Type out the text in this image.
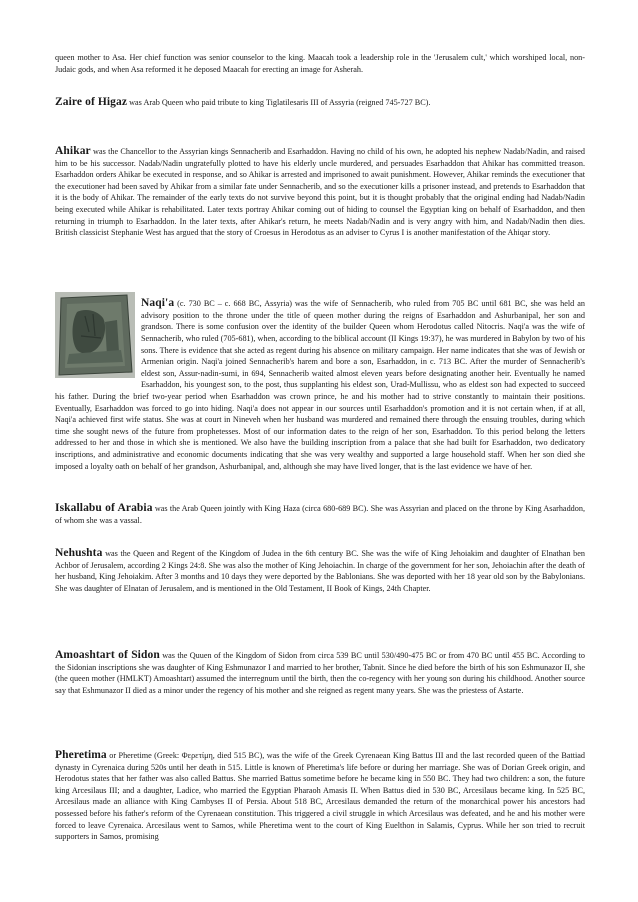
queen mother to Asa. Her chief function was senior counselor to the king. Maacah took a leadership role in the 'Jerusalem cult,' which worshiped local, non-Judaic gods, and when Asa reformed it he deposed Maacah for erecting an image for Asherah.

Zaire of Higaz was Arab Queen who paid tribute to king Tiglatilesaris III of Assyria (reigned 745-727 BC).

Ahikar was the Chancellor to the Assyrian kings Sennacherib and Esarhaddon. Having no child of his own, he adopted his nephew Nadab/Nadin, and raised him to be his successor. Nadab/Nadin ungratefully plotted to have his elderly uncle murdered, and persuades Esarhaddon that Ahikar has committed treason. Esarhaddon orders Ahikar be executed in response, and so Ahikar is arrested and imprisoned to await punishment. However, Ahikar reminds the executioner that the executioner had been saved by Ahikar from a similar fate under Sennacherib, and so the executioner kills a prisoner instead, and pretends to Esarhaddon that it is the body of Ahikar. The remainder of the early texts do not survive beyond this point, but it is thought probably that the original ending had Nadab/Nadin being executed while Ahikar is rehabilitated. Later texts portray Ahikar coming out of hiding to counsel the Egyptian king on behalf of Esarhaddon, and then returning in triumph to Esarhaddon. In the later texts, after Ahikar's return, he meets Nadab/Nadin and is very angry with him, and Nadab/Nadin then dies. British classicist Stephanie West has argued that the story of Croesus in Herodotus as an adviser to Cyrus I is another manifestation of the Ahiqar story.

Naqi'a (c. 730 BC – c. 668 BC, Assyria) was the wife of Sennacherib, who ruled from 705 BC until 681 BC, she was held an advisory position to the throne under the title of queen mother during the reigns of Esarhaddon and Ashurbanipal, her son and grandson. There is some confusion over the identity of the builder Queen whom Herodotus called Nitocris. Naqi'a was the wife of Sennacherib, who ruled (705-681), when, according to the biblical account (II Kings 19:37), he was murdered in Babylon by two of his sons. There is evidence that she acted as regent during his absence on military campaign. Her name indicates that she was of Jewish or Armenian origin. Naqi'a joined Sennacherib's harem and bore a son, Esarhaddon, in c. 713 BC. After the murder of Sennacherib's eldest son, Assur-nadin-sumi, in 694, Sennacherib waited almost eleven years before designating another heir. Eventually he named Esarhaddon, his youngest son, to the post, thus supplanting his eldest son, Urad-Mullissu, who as eldest son had expected to succeed his father. During the brief two-year period when Esarhaddon was crown prince, he and his mother had to strive constantly to maintain their positions. Eventually, Esarhaddon was forced to go into hiding. Naqi'a does not appear in our sources until Esarhaddon's promotion and it is not certain when, if at all, Naqi'a achieved first wife status. She was at court in Nineveh when her husband was murdered and remained there through the ensuing troubles, during which time she sought news of the future from prophetesses. Most of our information dates to the reign of her son, Esarhaddon. To this period belong the letters addressed to her and those in which she is mentioned. We also have the building inscription from a palace that she had built for Esarhaddon, two dedicatory inscriptions, and administrative and economic documents indicating that she was very wealthy and supported a large household staff. When her son died she imposed a loyalty oath on behalf of her grandson, Ashurbanipal, and, although she may have lived longer, that is the last evidence we have of her.

Iskallabu of Arabia was the Arab Queen jointly with King Haza (circa 680-689 BC). She was Assyrian and placed on the throne by King Asarhaddon, of whom she was a vassal.

Nehushta was the Queen and Regent of the Kingdom of Judea in the 6th century BC. She was the wife of King Jehoiakim and daughter of Elnathan ben Achbor of Jerusalem, according 2 Kings 24:8. She was also the mother of King Jehoiachin. In charge of the government for her son, Jehoiachin after the death of her husband, King Jehoiakim. After 3 months and 10 days they were deported by the Bablonians. She was deported with her 18 year old son by the Babylonians. She was daughter of Elnatan of Jerusalem, and is mentioned in the Old Testament, II Book of Kings, 24th Chapter.

Amoashtart of Sidon was the Quuen of the Kingdom of Sidon from circa 539 BC until 530/490-475 BC or from 470 BC until 455 BC. According to the Sidonian inscriptions she was daughter of King Eshmunazor I and married to her brother, Tabnit. Since he died before the birth of his son Eshmunazor II, she (the queen mother (HMLKT) Amoashtart) assumed the interregnum until the birth, then the co-regency with her young son during his childhood. Another source say that Eshmunazor II died as a minor under the regency of his mother and she reigned as regent many years. She was the priestess of Astarte.

Pheretima or Pheretime (Greek: Φερετίμη, died 515 BC), was the wife of the Greek Cyrenaean King Battus III and the last recorded queen of the Battiad dynasty in Cyrenaica during 520s until her death in 515. Little is known of Pheretima's life before or during her marriage. She was of Dorian Greek origin, and Herodotus states that her father was also called Battus. She married Battus sometime before he became king in 550 BC. They had two children: a son, the future king Arcesilaus III; and a daughter, Ladice, who married the Egyptian Pharaoh Amasis II. When Battus died in 530 BC, Arcesilaus became king. In 525 BC, Arcesilaus made an alliance with King Cambyses II of Persia. About 518 BC, Arcesilaus demanded the return of the monarchical power his ancestors had possessed before his father's reform of the Cyrenaean constitution. This triggered a civil struggle in which Arcesilaus was defeated, and he and his mother were forced to leave Cyrenaica. Arcesilaus went to Samos, while Pheretima went to the court of King Euelthon in Salamis, Cyprus. While her son tried to recruit supporters in Samos, promising
